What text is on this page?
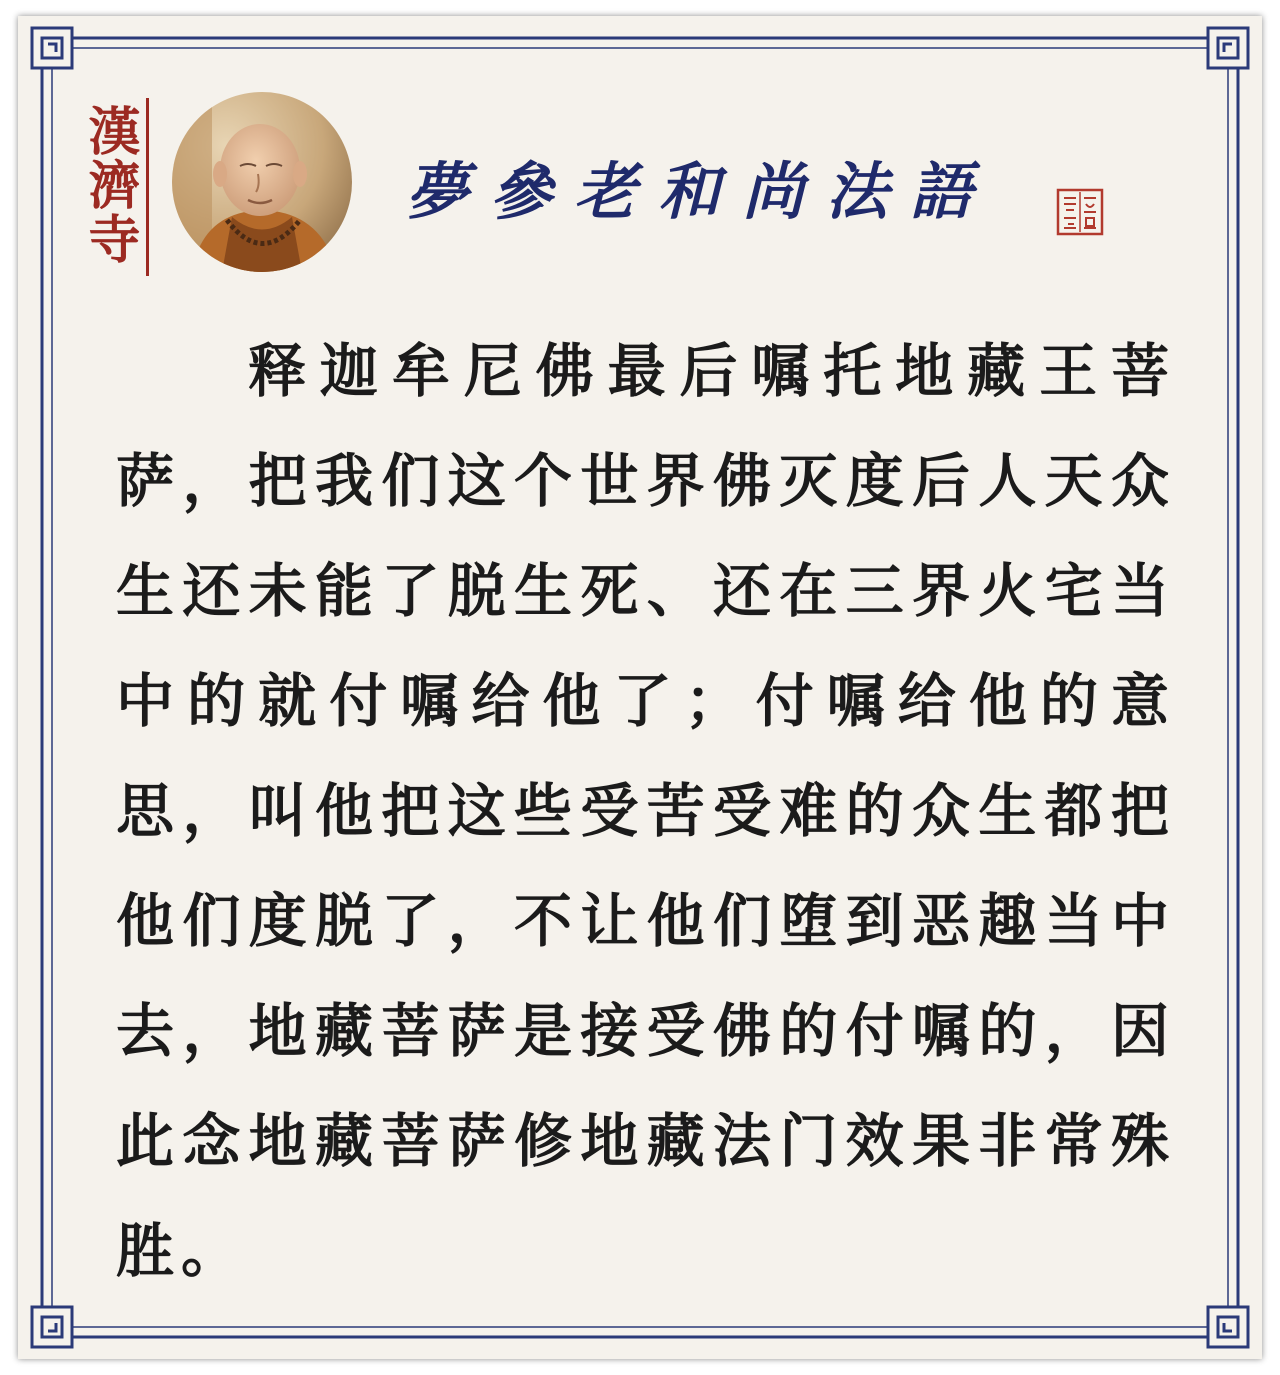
漢濟寺	夢參老和尚法語
释迦牟尼佛最后嘱托地藏王菩萨，把我们这个世界佛灭度后人天众生还未能了脱生死、还在三界火宅当中的就付嘱给他了；付嘱给他的意思，叫他把这些受苦受难的众生都把他们度脱了，不让他们堕到恶趣当中去，地藏菩萨是接受佛的付嘱的，因此念地藏菩萨修地藏法门效果非常殊胜。
